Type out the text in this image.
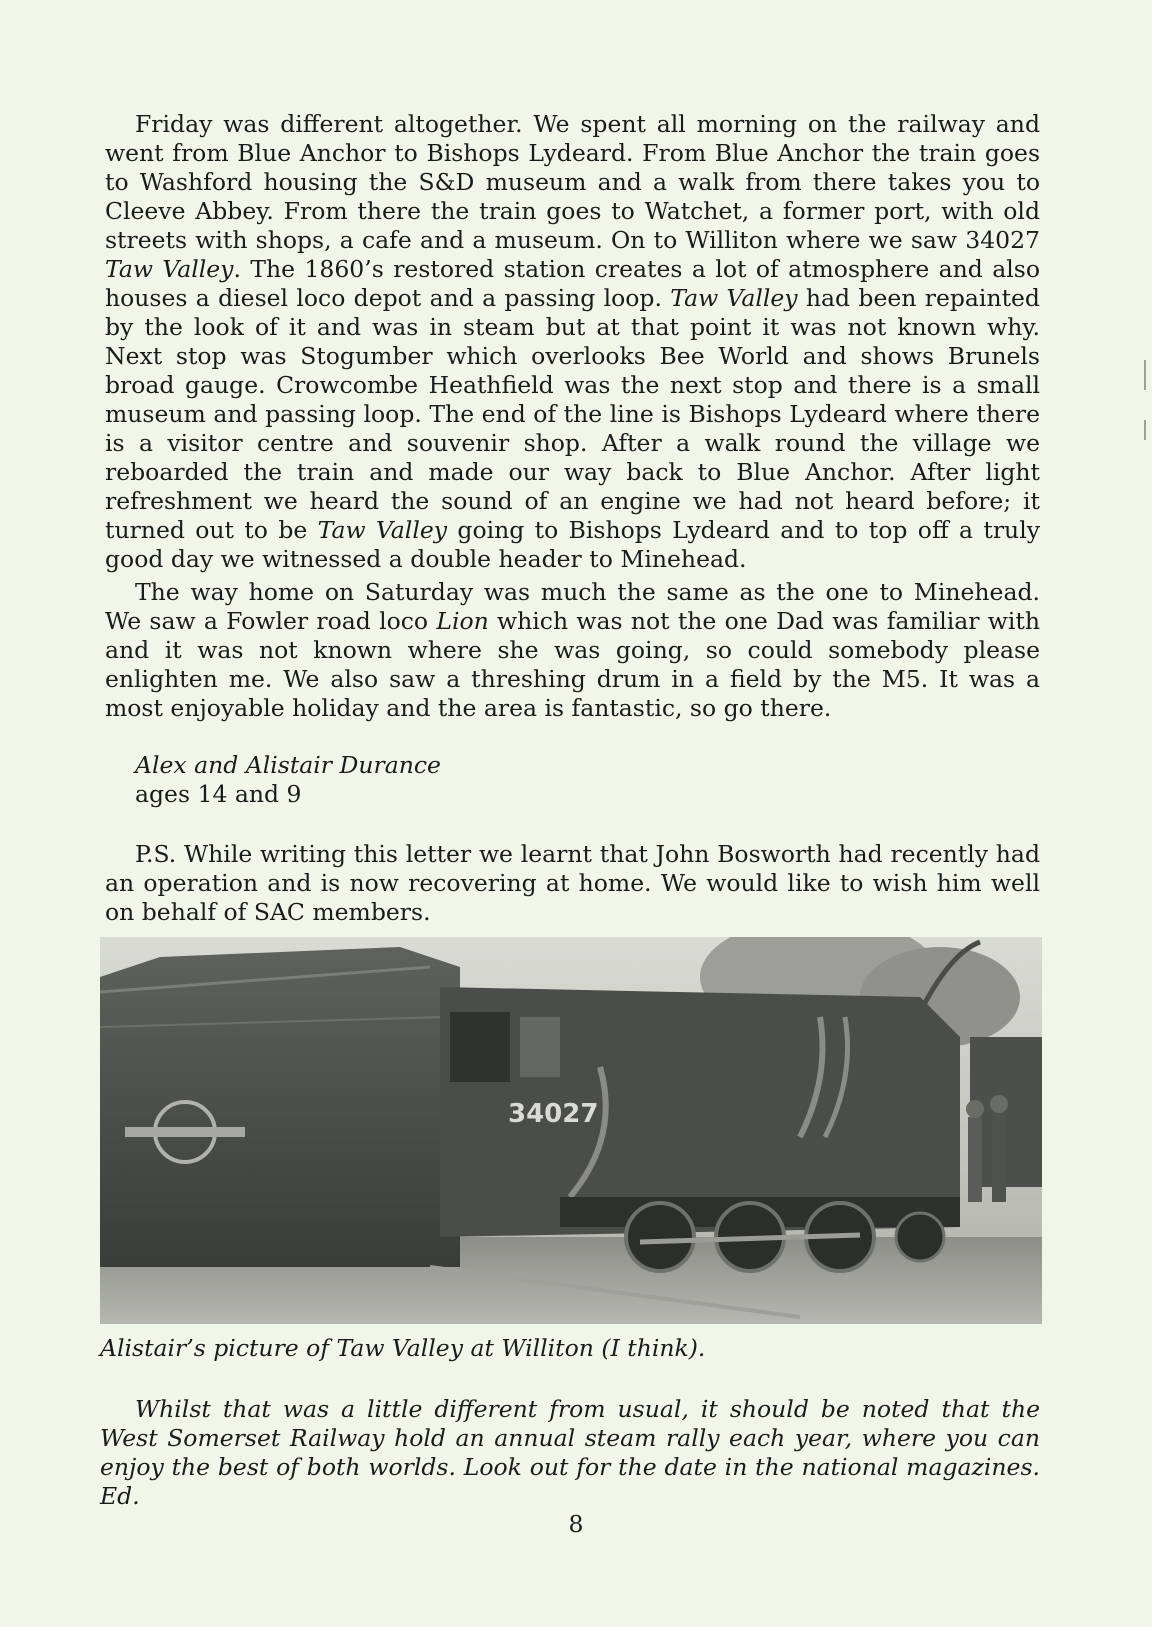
Friday was different altogether. We spent all morning on the railway and went from Blue Anchor to Bishops Lydeard. From Blue Anchor the train goes to Washford housing the S&D museum and a walk from there takes you to Cleeve Abbey. From there the train goes to Watchet, a former port, with old streets with shops, a cafe and a museum. On to Williton where we saw 34027 Taw Valley. The 1860’s restored station creates a lot of atmosphere and also houses a diesel loco depot and a passing loop. Taw Valley had been repainted by the look of it and was in steam but at that point it was not known why. Next stop was Stogumber which overlooks Bee World and shows Brunels broad gauge. Crowcombe Heathfield was the next stop and there is a small museum and passing loop. The end of the line is Bishops Lydeard where there is a visitor centre and souvenir shop. After a walk round the village we reboarded the train and made our way back to Blue Anchor. After light refreshment we heard the sound of an engine we had not heard before; it turned out to be Taw Valley going to Bishops Lydeard and to top off a truly good day we witnessed a double header to Minehead.

The way home on Saturday was much the same as the one to Minehead. We saw a Fowler road loco Lion which was not the one Dad was familiar with and it was not known where she was going, so could somebody please enlighten me. We also saw a threshing drum in a field by the M5. It was a most enjoyable holiday and the area is fantastic, so go there.

Alex and Alistair Durance
ages 14 and 9

P.S. While writing this letter we learnt that John Bosworth had recently had an operation and is now recovering at home. We would like to wish him well on behalf of SAC members.

34027

Alistair’s picture of Taw Valley at Williton (I think).

Whilst that was a little different from usual, it should be noted that the West Somerset Railway hold an annual steam rally each year, where you can enjoy the best of both worlds. Look out for the date in the national magazines. Ed.

8
